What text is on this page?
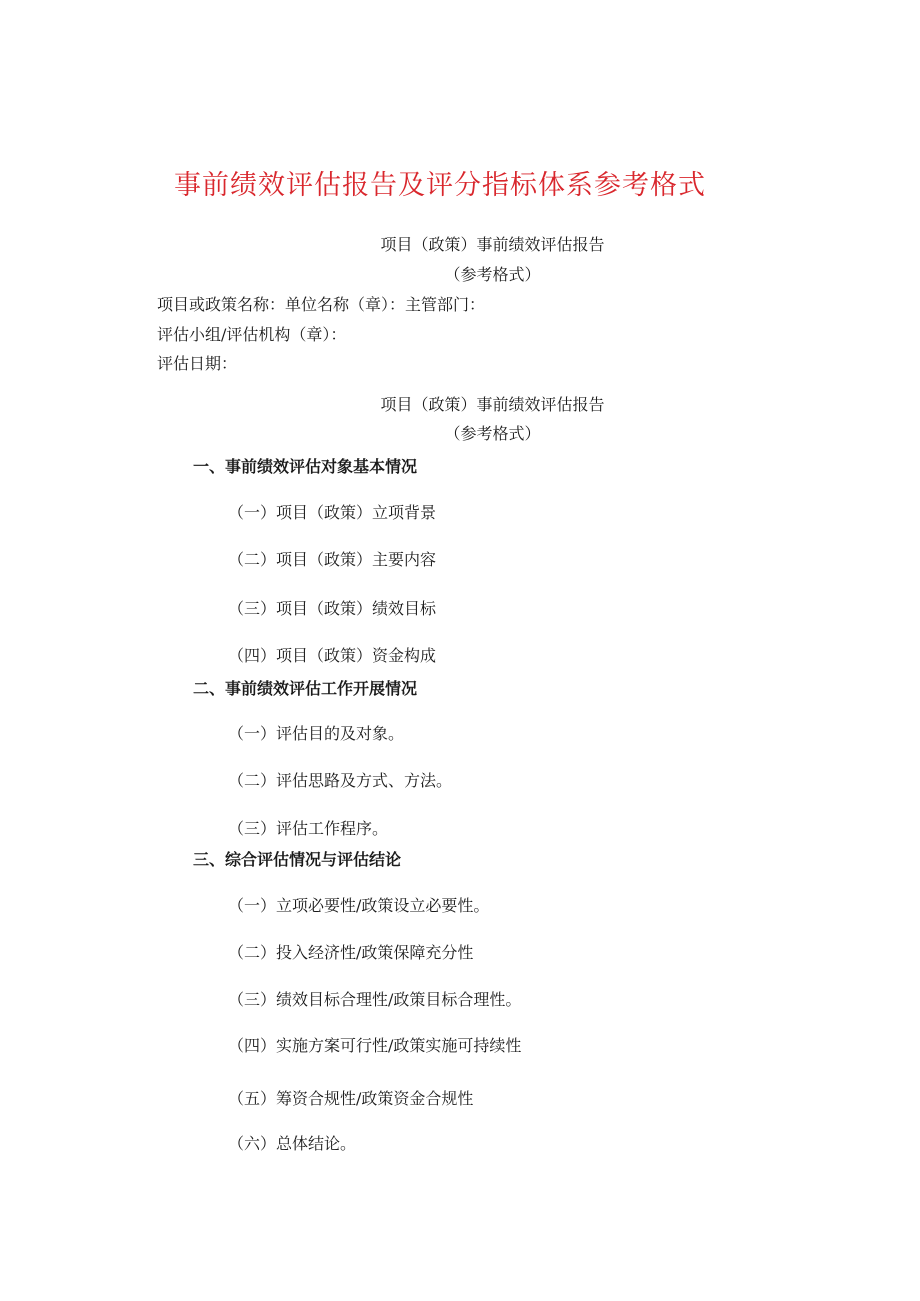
事前绩效评估报告及评分指标体系参考格式
项目（政策）事前绩效评估报告
（参考格式）
项目或政策名称：单位名称（章）：主管部门：
评估小组/评估机构（章）：
评估日期：
项目（政策）事前绩效评估报告
（参考格式）
一、事前绩效评估对象基本情况
（一）项目（政策）立项背景
（二）项目（政策）主要内容
（三）项目（政策）绩效目标
（四）项目（政策）资金构成
二、事前绩效评估工作开展情况
（一）评估目的及对象。
（二）评估思路及方式、方法。
（三）评估工作程序。
三、综合评估情况与评估结论
（一）立项必要性/政策设立必要性。
（二）投入经济性/政策保障充分性
（三）绩效目标合理性/政策目标合理性。
（四）实施方案可行性/政策实施可持续性
（五）筹资合规性/政策资金合规性
（六）总体结论。
